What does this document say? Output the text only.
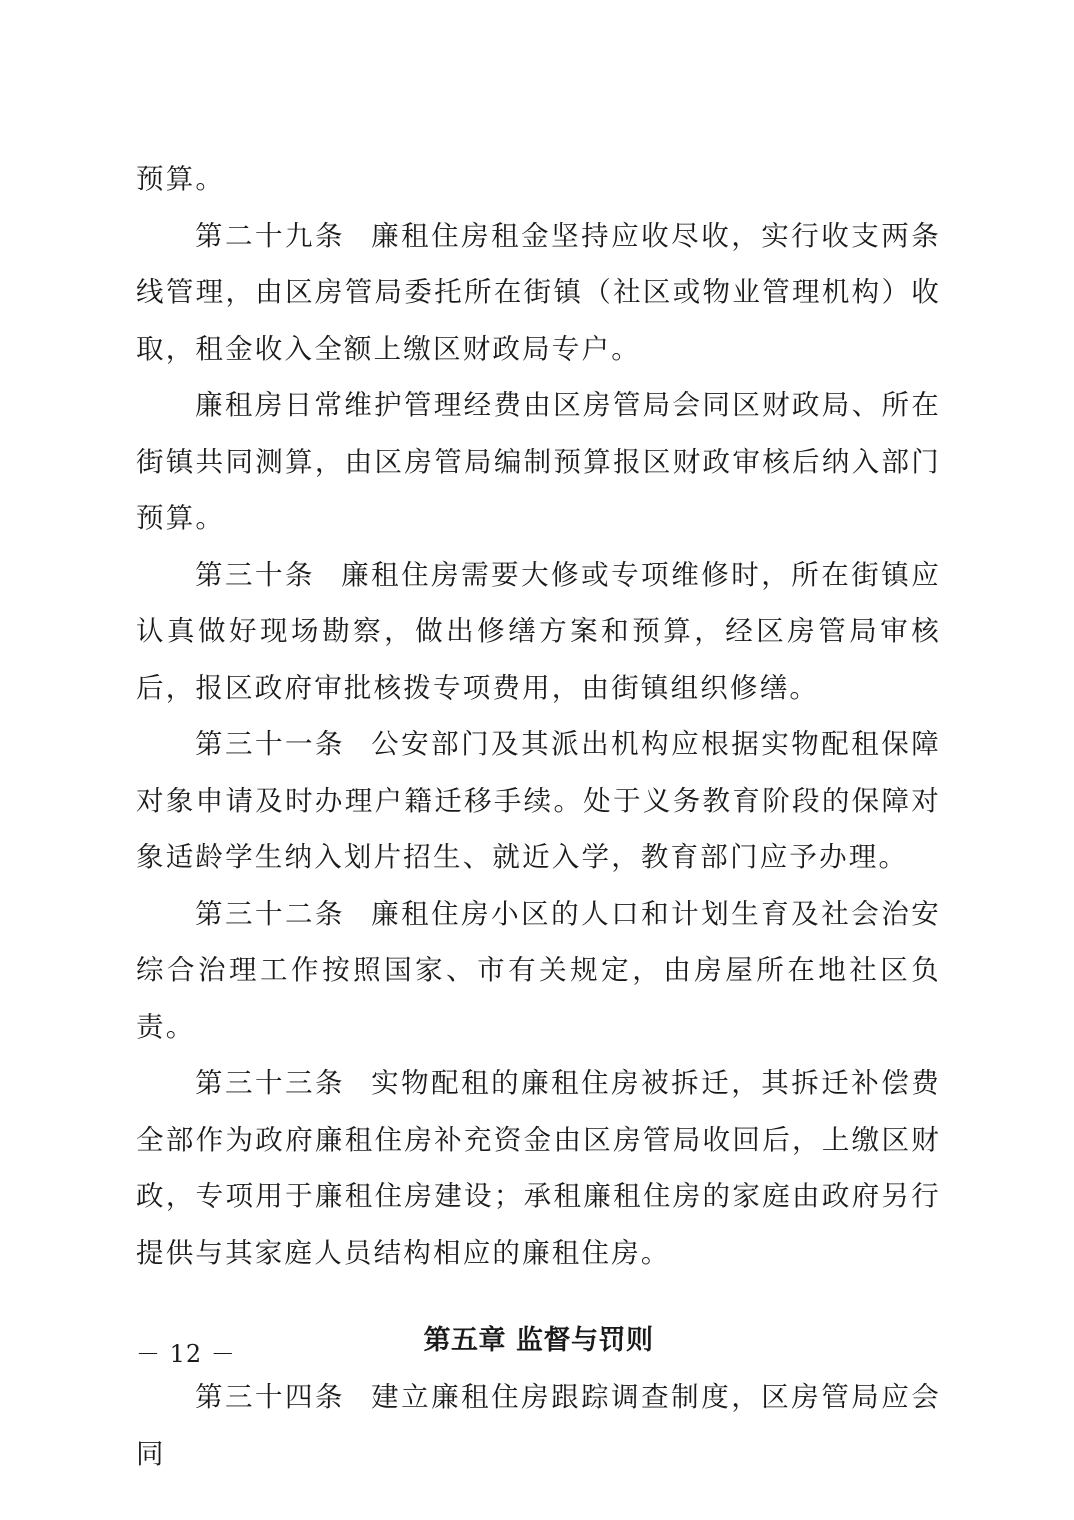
预算。

第二十九条 廉租住房租金坚持应收尽收，实行收支两条线管理，由区房管局委托所在街镇（社区或物业管理机构）收取，租金收入全额上缴区财政局专户。

廉租房日常维护管理经费由区房管局会同区财政局、所在街镇共同测算，由区房管局编制预算报区财政审核后纳入部门预算。

第三十条 廉租住房需要大修或专项维修时，所在街镇应认真做好现场勘察，做出修缮方案和预算，经区房管局审核后，报区政府审批核拨专项费用，由街镇组织修缮。

第三十一条 公安部门及其派出机构应根据实物配租保障对象申请及时办理户籍迁移手续。处于义务教育阶段的保障对象适龄学生纳入划片招生、就近入学，教育部门应予办理。

第三十二条 廉租住房小区的人口和计划生育及社会治安综合治理工作按照国家、市有关规定，由房屋所在地社区负责。

第三十三条 实物配租的廉租住房被拆迁，其拆迁补偿费全部作为政府廉租住房补充资金由区房管局收回后，上缴区财政，专项用于廉租住房建设；承租廉租住房的家庭由政府另行提供与其家庭人员结构相应的廉租住房。

第五章 监督与罚则

第三十四条 建立廉租住房跟踪调查制度，区房管局应会同

－ 12 －
